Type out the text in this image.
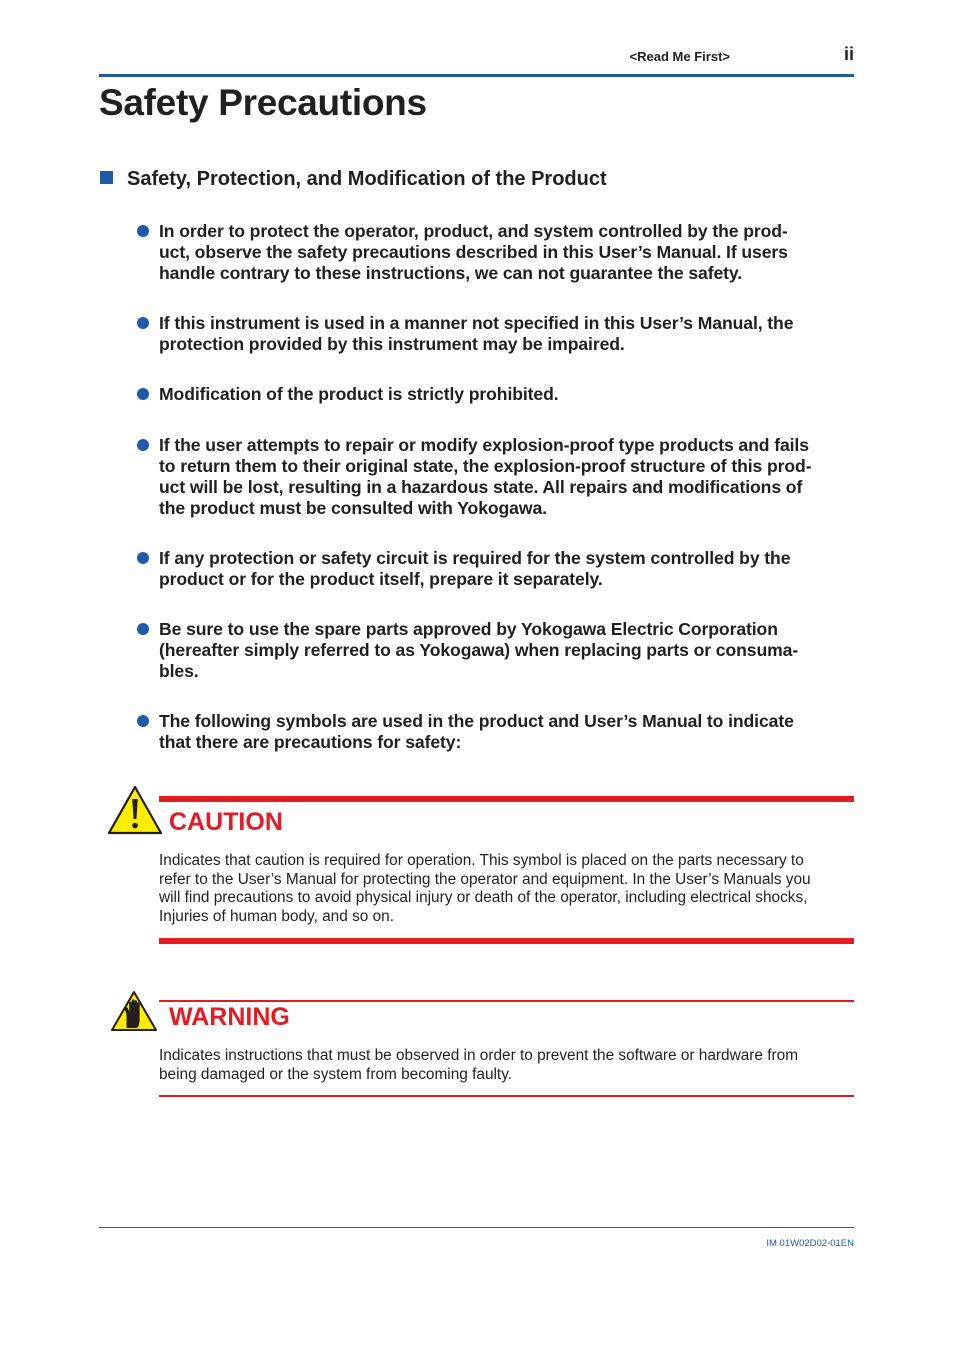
<Read Me First>	ii
Safety Precautions
Safety, Protection, and Modification of the Product
In order to protect the operator, product, and system controlled by the prod-
uct, observe the safety precautions described in this User’s Manual. If users
handle contrary to these instructions, we can not guarantee the safety.
If this instrument is used in a manner not specified in this User’s Manual, the
protection provided by this instrument may be impaired.
Modification of the product is strictly prohibited.
If the user attempts to repair or modify explosion-proof type products and fails
to return them to their original state, the explosion-proof structure of this prod-
uct will be lost, resulting in a hazardous state. All repairs and modifications of
the product must be consulted with Yokogawa.
If any protection or safety circuit is required for the system controlled by the
product or for the product itself, prepare it separately.
Be sure to use the spare parts approved by Yokogawa Electric Corporation
(hereafter simply referred to as Yokogawa) when replacing parts or consuma-
bles.
The following symbols are used in the product and User’s Manual to indicate
that there are precautions for safety:
CAUTION
Indicates that caution is required for operation. This symbol is placed on the parts necessary to
refer to the User’s Manual for protecting the operator and equipment. In the User’s Manuals you
will find precautions to avoid physical injury or death of the operator, including electrical shocks,
Injuries of human body, and so on.
WARNING
Indicates instructions that must be observed in order to prevent the software or hardware from
being damaged or the system from becoming faulty.
IM 01W02D02-01EN
